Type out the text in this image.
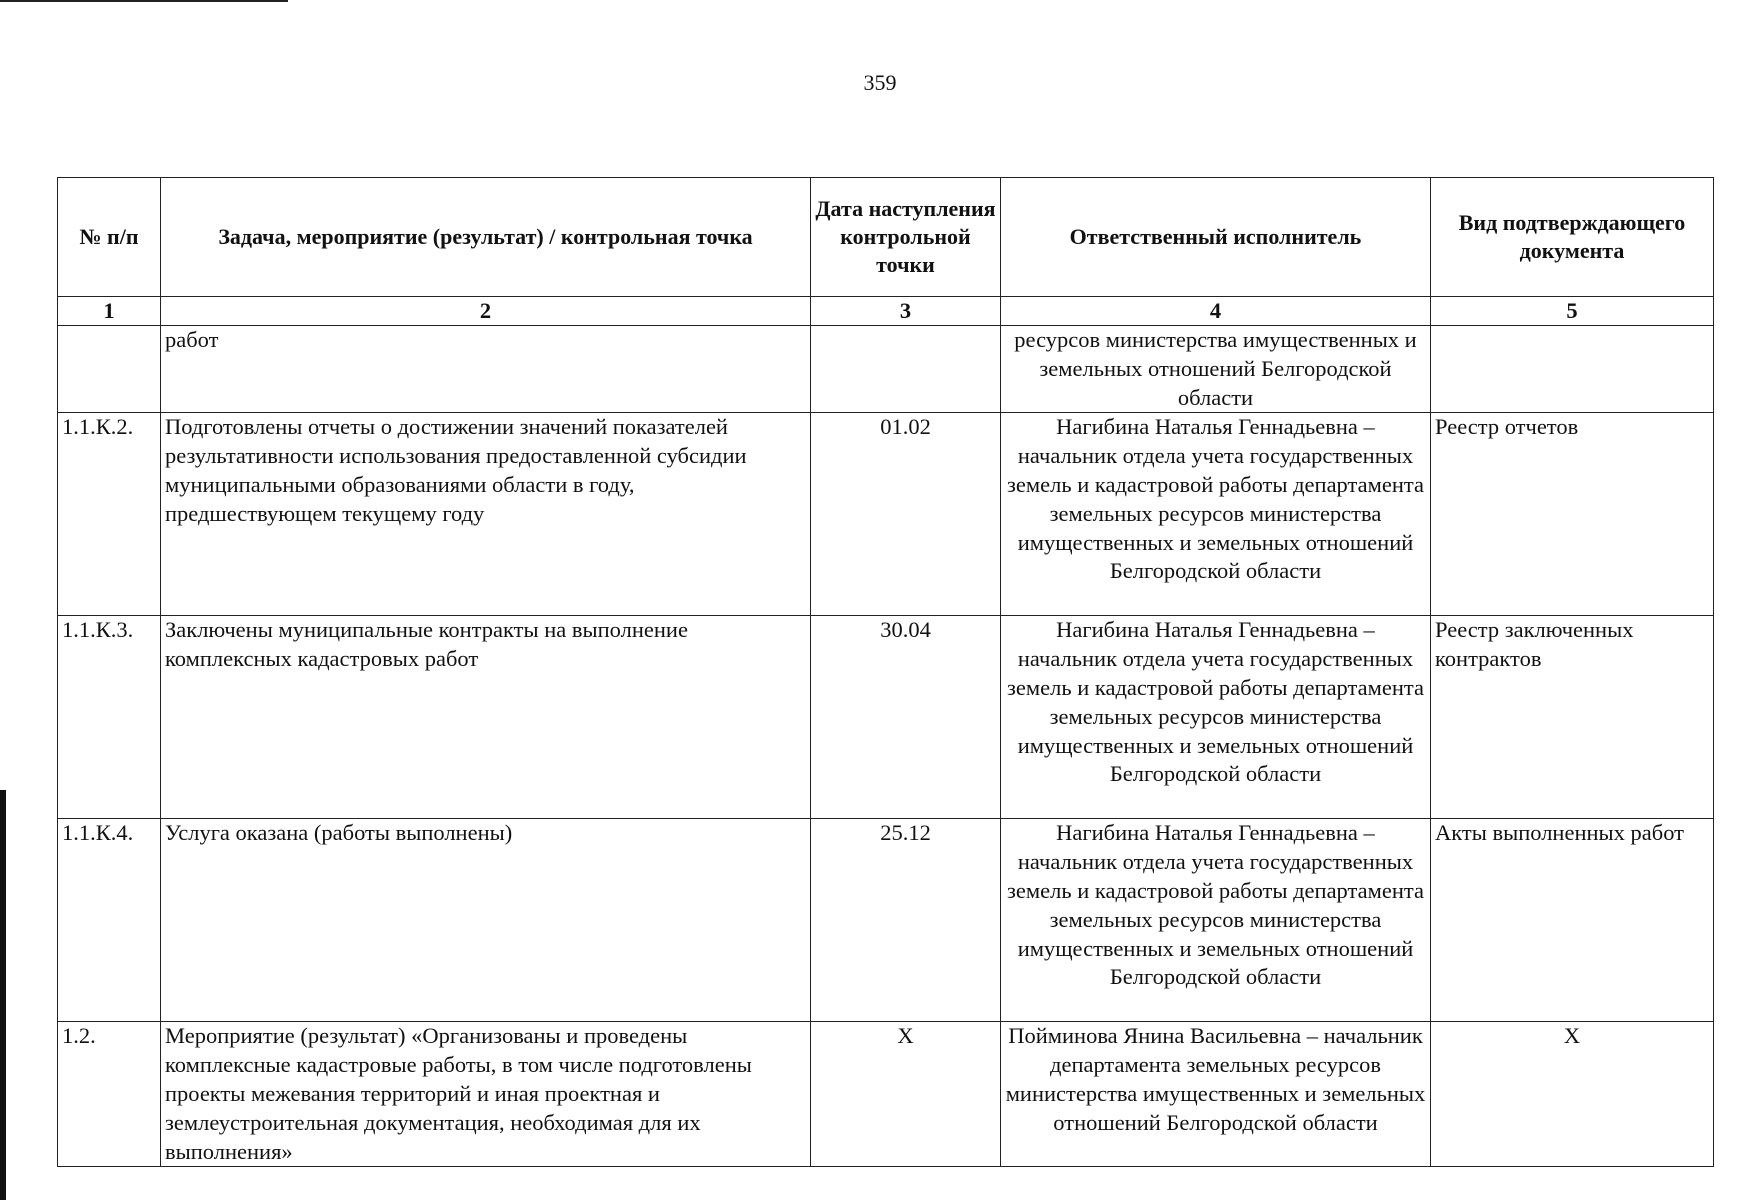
359
№ п/п	Задача, мероприятие (результат) / контрольная точка	Дата наступления контрольной точки	Ответственный исполнитель	Вид подтверждающего документа
1	2	3	4	5
	работ		ресурсов министерства имущественных и земельных отношений Белгородской области	
1.1.К.2.	Подготовлены отчеты о достижении значений показателей результативности использования предоставленной субсидии муниципальными образованиями области в году, предшествующем текущему году	01.02	Нагибина Наталья Геннадьевна – начальник отдела учета государственных земель и кадастровой работы департамента земельных ресурсов министерства имущественных и земельных отношений Белгородской области	Реестр отчетов
1.1.К.3.	Заключены муниципальные контракты на выполнение комплексных кадастровых работ	30.04	Нагибина Наталья Геннадьевна – начальник отдела учета государственных земель и кадастровой работы департамента земельных ресурсов министерства имущественных и земельных отношений Белгородской области	Реестр заключенных контрактов
1.1.К.4.	Услуга оказана (работы выполнены)	25.12	Нагибина Наталья Геннадьевна – начальник отдела учета государственных земель и кадастровой работы департамента земельных ресурсов министерства имущественных и земельных отношений Белгородской области	Акты выполненных работ
1.2.	Мероприятие (результат) «Организованы и проведены комплексные кадастровые работы, в том числе подготовлены проекты межевания территорий и иная проектная и землеустроительная документация, необходимая для их выполнения»	Х	Пойминова Янина Васильевна – начальник департамента земельных ресурсов министерства имущественных и земельных отношений Белгородской области	Х
